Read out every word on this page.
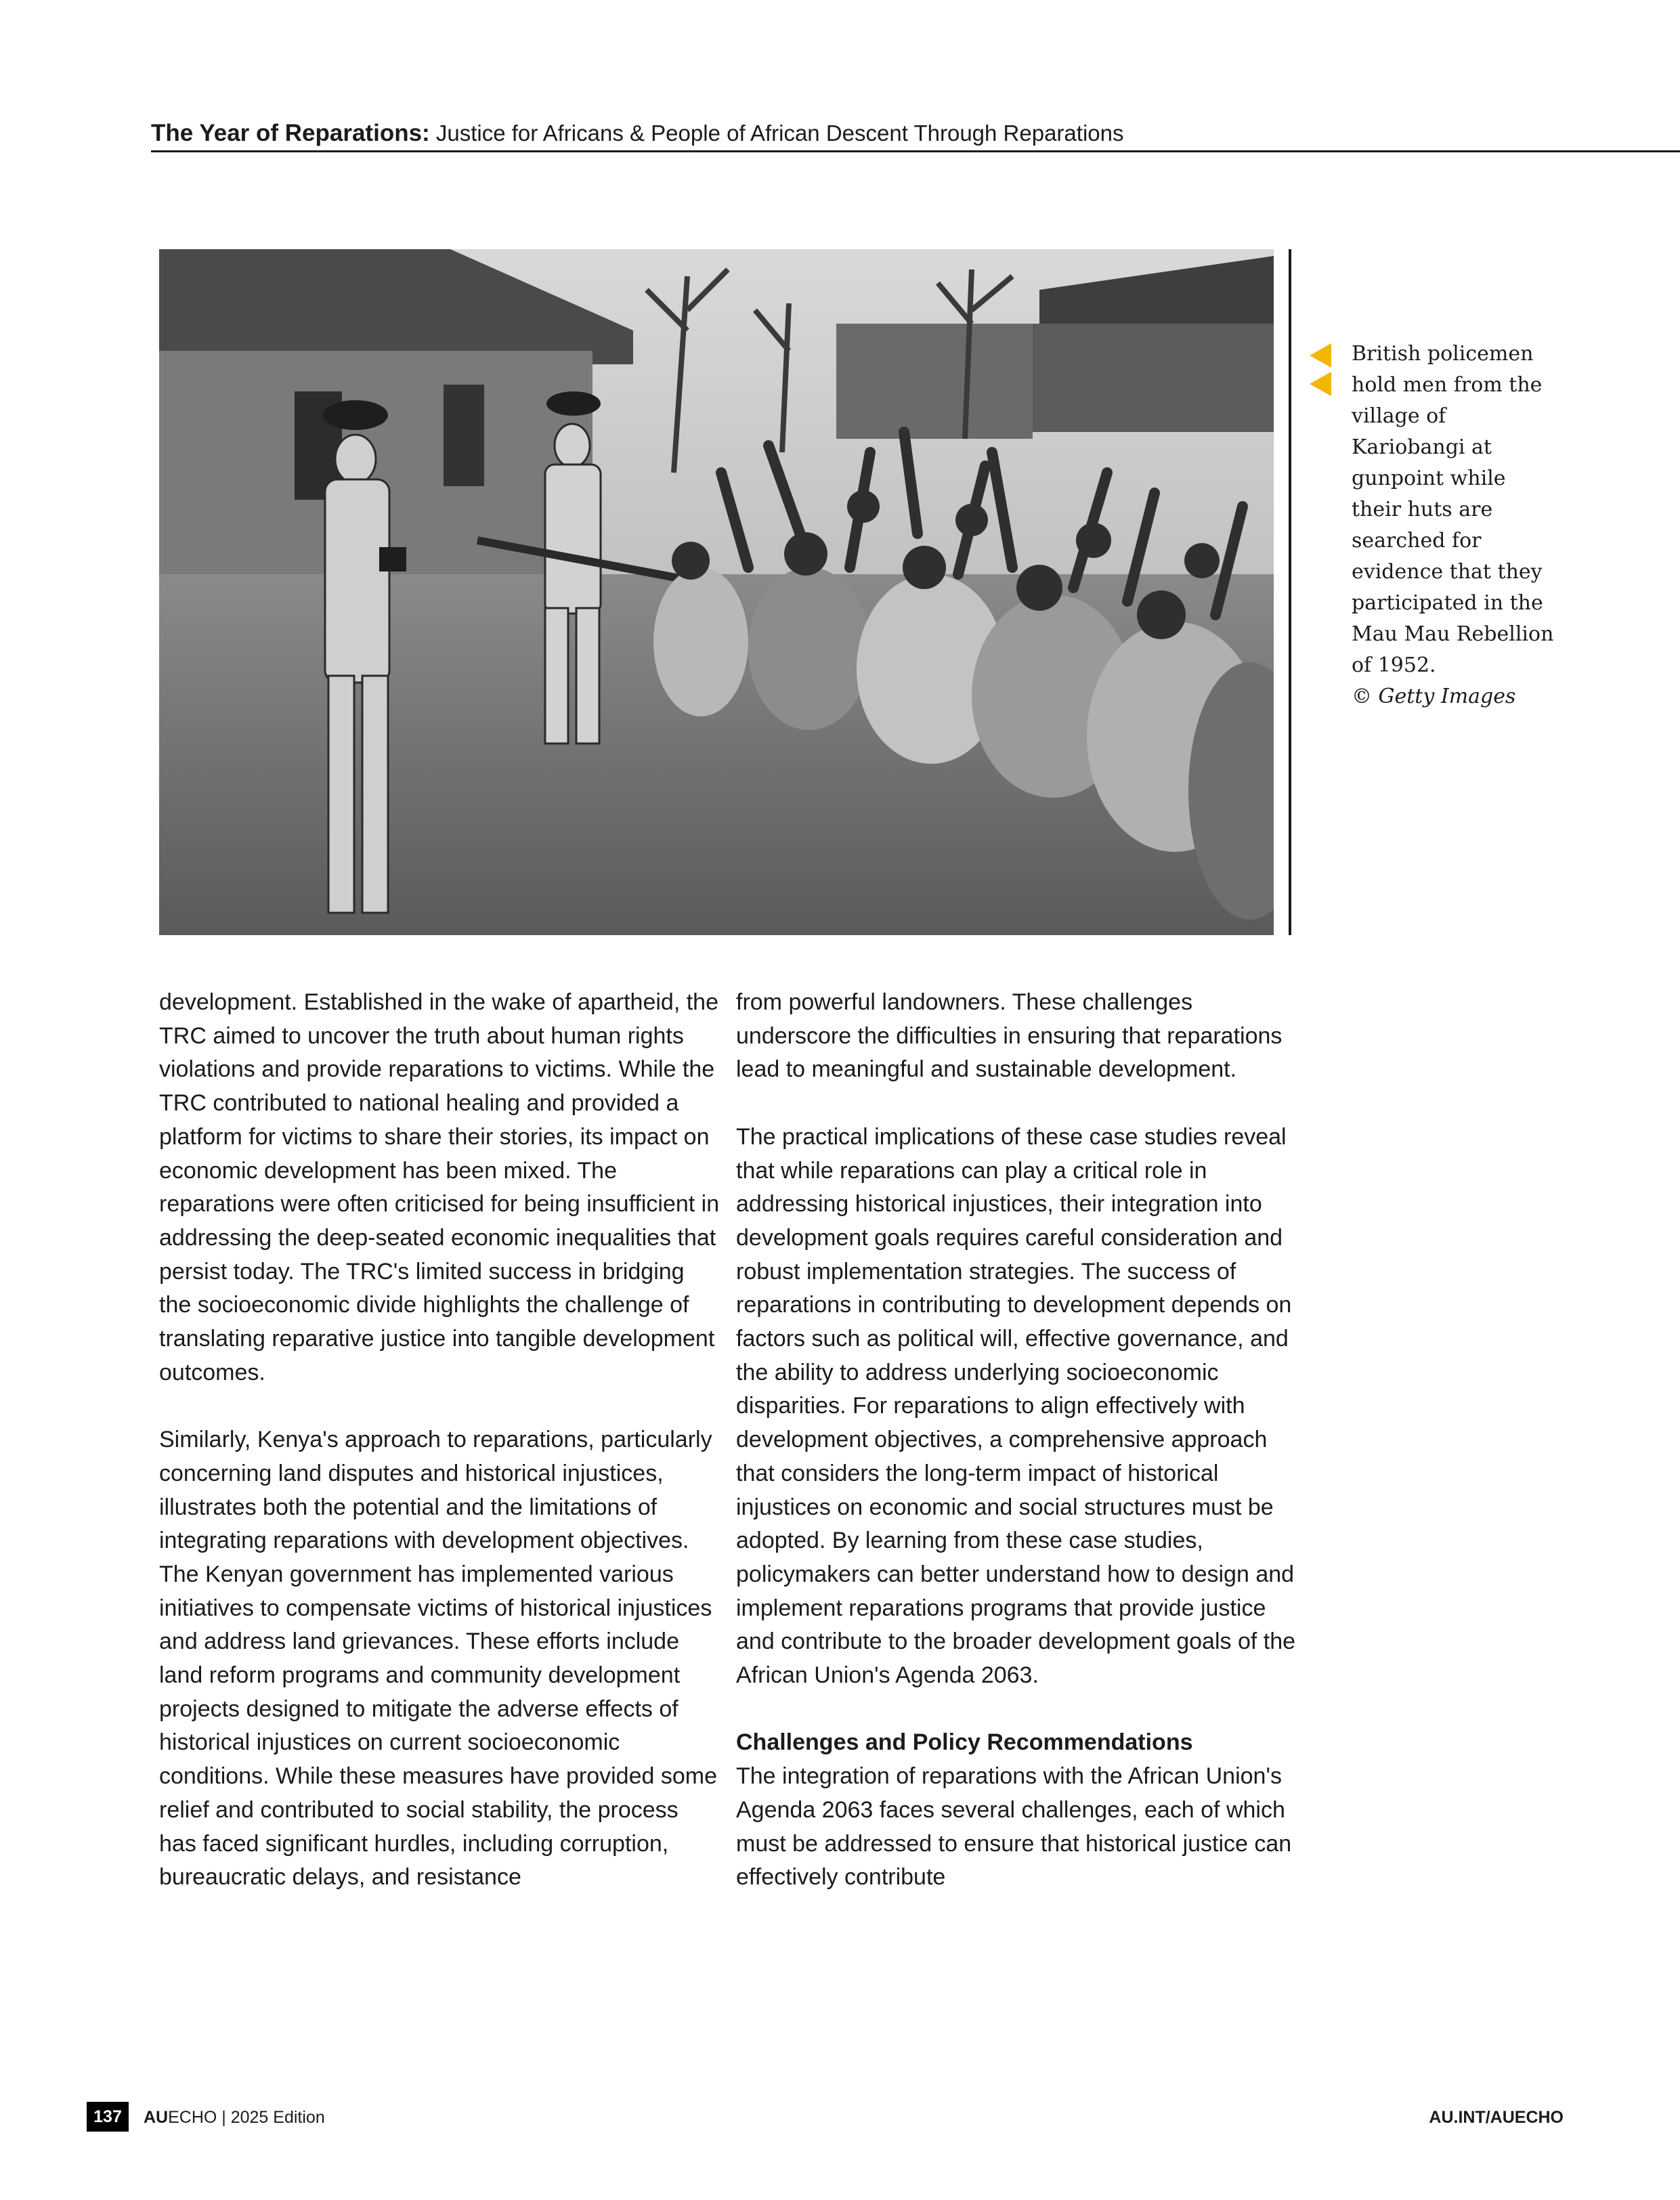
The Year of Reparations: Justice for Africans & People of African Descent Through Reparations
British policemen hold men from the village of Kariobangi at gunpoint while their huts are searched for evidence that they participated in the Mau Mau Rebellion of 1952.
© Getty Images

development. Established in the wake of apartheid, the TRC aimed to uncover the truth about human rights violations and provide reparations to victims. While the TRC contributed to national healing and provided a platform for victims to share their stories, its impact on economic development has been mixed. The reparations were often criticised for being insufficient in addressing the deep-seated economic inequalities that persist today. The TRC's limited success in bridging the socioeconomic divide highlights the challenge of translating reparative justice into tangible development outcomes.

Similarly, Kenya's approach to reparations, particularly concerning land disputes and historical injustices, illustrates both the potential and the limitations of integrating reparations with development objectives. The Kenyan government has implemented various initiatives to compensate victims of historical injustices and address land grievances. These efforts include land reform programs and community development projects designed to mitigate the adverse effects of historical injustices on current socioeconomic conditions. While these measures have provided some relief and contributed to social stability, the process has faced significant hurdles, including corruption, bureaucratic delays, and resistance

from powerful landowners. These challenges underscore the difficulties in ensuring that reparations lead to meaningful and sustainable development.

The practical implications of these case studies reveal that while reparations can play a critical role in addressing historical injustices, their integration into development goals requires careful consideration and robust implementation strategies. The success of reparations in contributing to development depends on factors such as political will, effective governance, and the ability to address underlying socioeconomic disparities. For reparations to align effectively with development objectives, a comprehensive approach that considers the long-term impact of historical injustices on economic and social structures must be adopted. By learning from these case studies, policymakers can better understand how to design and implement reparations programs that provide justice and contribute to the broader development goals of the African Union's Agenda 2063.

Challenges and Policy Recommendations
The integration of reparations with the African Union's Agenda 2063 faces several challenges, each of which must be addressed to ensure that historical justice can effectively contribute

137	AUECHO | 2025 Edition	AU.INT/AUECHO
